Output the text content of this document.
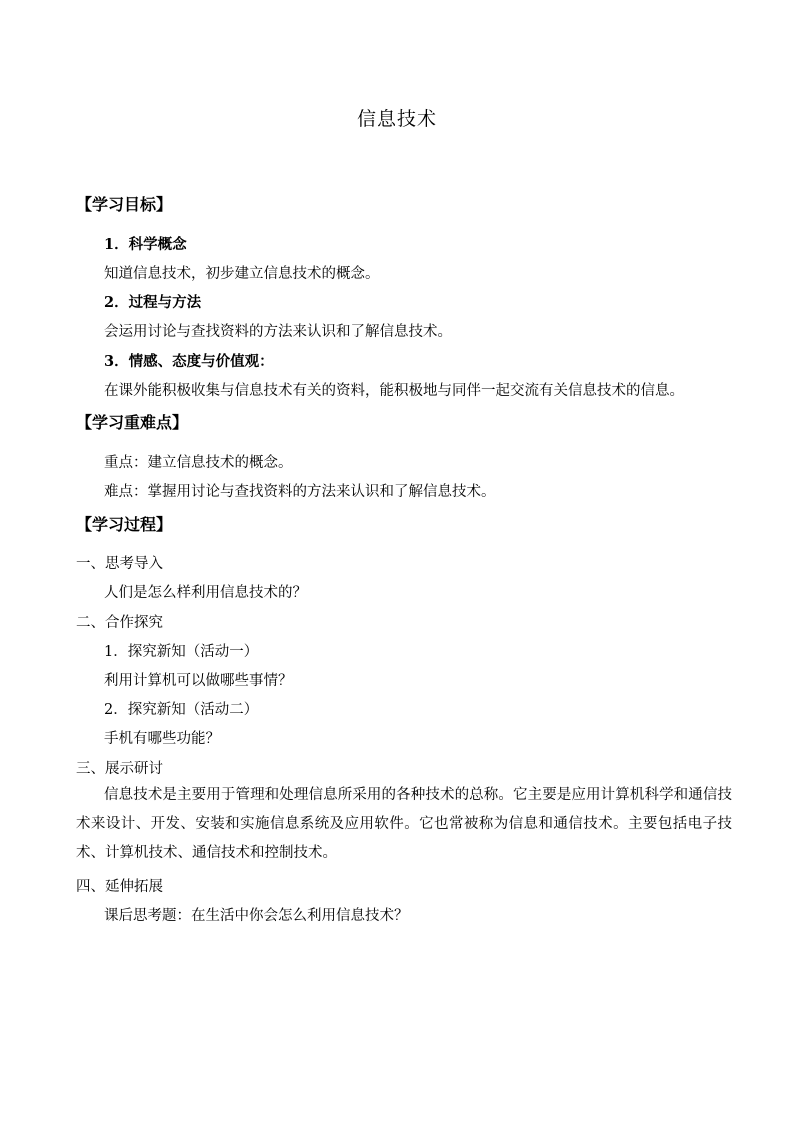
信息技术
【学习目标】
1．科学概念
知道信息技术，初步建立信息技术的概念。
2．过程与方法
会运用讨论与查找资料的方法来认识和了解信息技术。
3．情感、态度与价值观：
在课外能积极收集与信息技术有关的资料，能积极地与同伴一起交流有关信息技术的信息。
【学习重难点】
重点：建立信息技术的概念。
难点：掌握用讨论与查找资料的方法来认识和了解信息技术。
【学习过程】
一、思考导入
人们是怎么样利用信息技术的？
二、合作探究
1．探究新知（活动一）
利用计算机可以做哪些事情？
2．探究新知（活动二）
手机有哪些功能？
三、展示研讨
信息技术是主要用于管理和处理信息所采用的各种技术的总称。它主要是应用计算机科学和通信技术来设计、开发、安装和实施信息系统及应用软件。它也常被称为信息和通信技术。主要包括电子技术、计算机技术、通信技术和控制技术。
四、延伸拓展
课后思考题：在生活中你会怎么利用信息技术？
